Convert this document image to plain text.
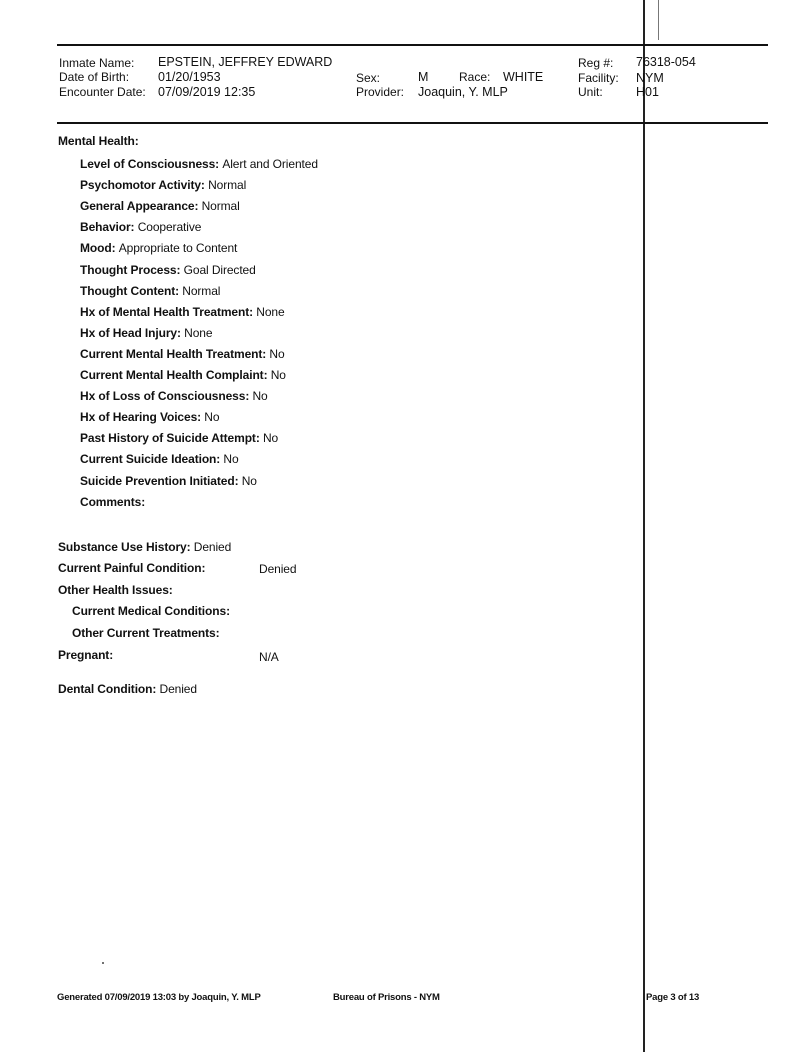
Inmate Name: EPSTEIN, JEFFREY EDWARD
Date of Birth: 01/20/1953
Encounter Date: 07/09/2019 12:35
Sex:	M	Race: WHITE
Provider: Joaquin, Y. MLP
Reg #: 76318-054
Facility: NYM
Unit:	H01
Mental Health:
Level of Consciousness: Alert and Oriented
Psychomotor Activity: Normal
General Appearance: Normal
Behavior: Cooperative
Mood: Appropriate to Content
Thought Process: Goal Directed
Thought Content: Normal
Hx of Mental Health Treatment: None
Hx of Head Injury: None
Current Mental Health Treatment: No
Current Mental Health Complaint: No
Hx of Loss of Consciousness: No
Hx of Hearing Voices: No
Past History of Suicide Attempt: No
Current Suicide Ideation: No
Suicide Prevention Initiated: No
Comments:
Substance Use History: Denied
Current Painful Condition:	Denied
Other Health Issues:
Current Medical Conditions:
Other Current Treatments:
Pregnant:	N/A
Dental Condition: Denied
Generated 07/09/2019 13:03 by Joaquin, Y. MLP	Bureau of Prisons - NYM	Page 3 of 13
